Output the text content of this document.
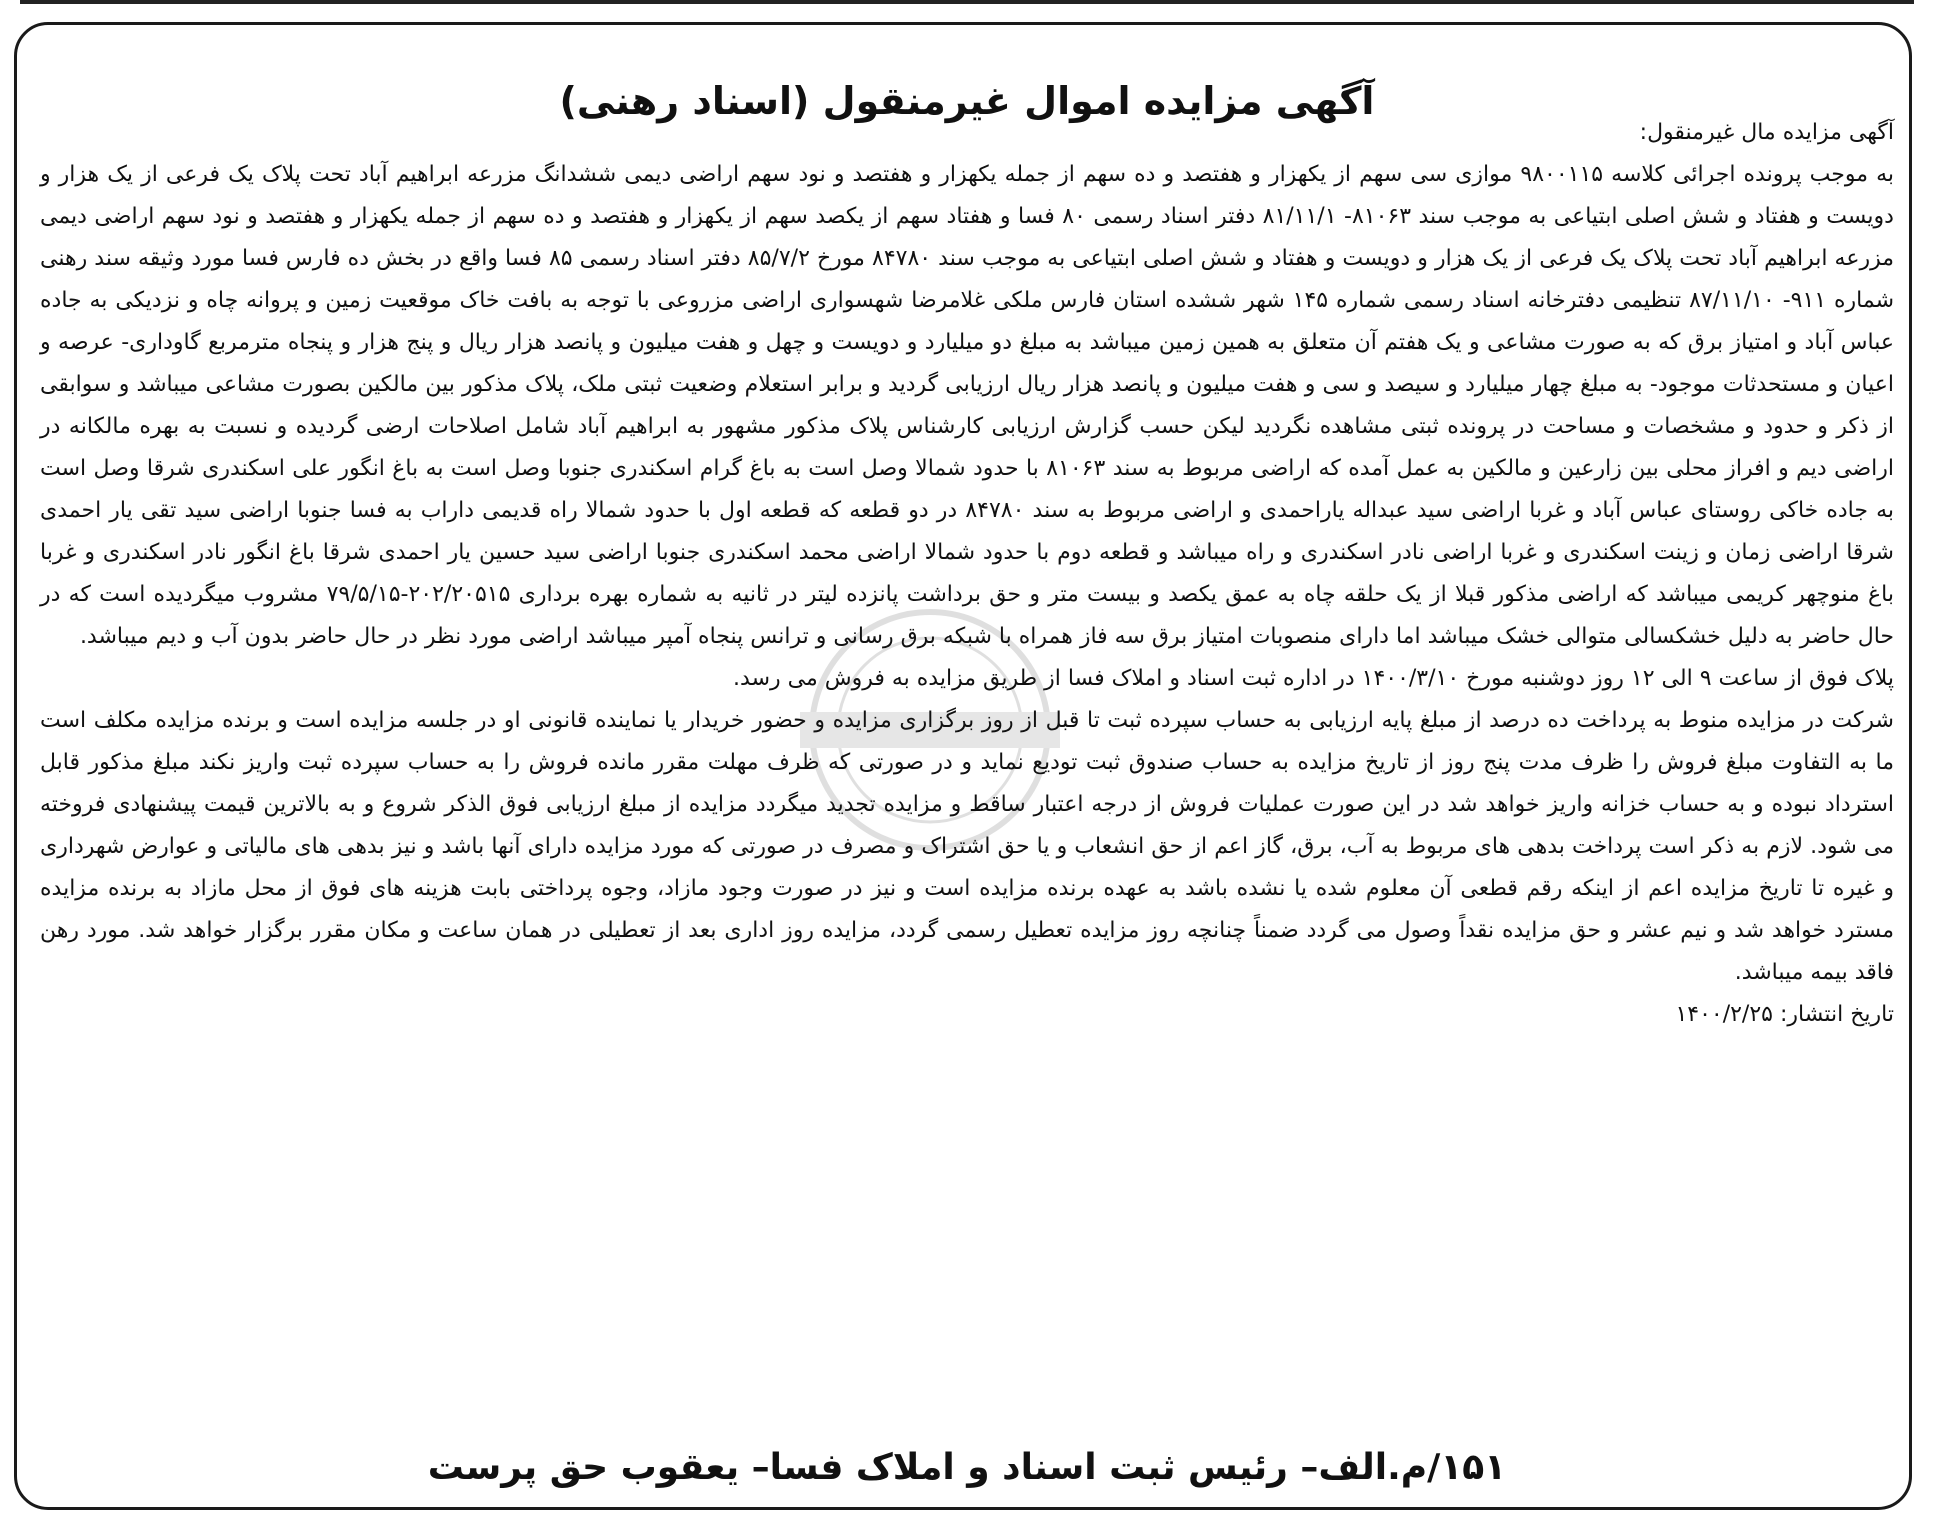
آگهی مزایده اموال غیرمنقول (اسناد رهنی)

آگهی مزایده مال غیرمنقول:

به موجب پرونده اجرائی کلاسه ۹۸۰۰۱۱۵ موازی سی سهم از یکهزار و هفتصد و ده سهم از جمله یکهزار و هفتصد و نود سهم اراضی دیمی ششدانگ مزرعه ابراهیم آباد تحت پلاک یک فرعی از یک هزار و دویست و هفتاد و شش اصلی ابتیاعی به موجب سند ۸۱۰۶۳- ۸۱/۱۱/۱ دفتر اسناد رسمی ۸۰ فسا و هفتاد سهم از یکصد سهم از یکهزار و هفتصد و ده سهم از جمله یکهزار و هفتصد و نود سهم اراضی دیمی مزرعه ابراهیم آباد تحت پلاک یک فرعی از یک هزار و دویست و هفتاد و شش اصلی ابتیاعی به موجب سند ۸۴۷۸۰ مورخ ۸۵/۷/۲ دفتر اسناد رسمی ۸۵ فسا واقع در بخش ده فارس فسا مورد وثیقه سند رهنی شماره ۹۱۱- ۸۷/۱۱/۱۰ تنظیمی دفترخانه اسناد رسمی شماره ۱۴۵ شهر ششده استان فارس ملکی غلامرضا شهسواری اراضی مزروعی با توجه به بافت خاک موقعیت زمین و پروانه چاه و نزدیکی به جاده عباس آباد و امتیاز برق که به صورت مشاعی و یک هفتم آن متعلق به همین زمین میباشد به مبلغ دو میلیارد و دویست و چهل و هفت میلیون و پانصد هزار ریال و پنج هزار و پنجاه مترمربع گاوداری- عرصه و اعیان و مستحدثات موجود- به مبلغ چهار میلیارد و سیصد و سی و هفت میلیون و پانصد هزار ریال ارزیابی گردید و برابر استعلام وضعیت ثبتی ملک، پلاک مذکور بین مالکین بصورت مشاعی میباشد و سوابقی از ذکر و حدود و مشخصات و مساحت در پرونده ثبتی مشاهده نگردید لیکن حسب گزارش ارزیابی کارشناس پلاک مذکور مشهور به ابراهیم آباد شامل اصلاحات ارضی گردیده و نسبت به بهره مالکانه در اراضی دیم و افراز محلی بین زارعین و مالکین به عمل آمده که اراضی مربوط به سند ۸۱۰۶۳ با حدود شمالا وصل است به باغ گرام اسکندری جنوبا وصل است به باغ انگور علی اسکندری شرقا وصل است به جاده خاکی روستای عباس آباد و غربا اراضی سید عبداله یاراحمدی و اراضی مربوط به سند ۸۴۷۸۰ در دو قطعه که قطعه اول با حدود شمالا راه قدیمی داراب به فسا جنوبا اراضی سید تقی یار احمدی شرقا اراضی زمان و زینت اسکندری و غربا اراضی نادر اسکندری و راه میباشد و قطعه دوم با حدود شمالا اراضی محمد اسکندری جنوبا اراضی سید حسین یار احمدی شرقا باغ انگور نادر اسکندری و غربا باغ منوچهر کریمی میباشد که اراضی مذکور قبلا از یک حلقه چاه به عمق یکصد و بیست متر و حق برداشت پانزده لیتر در ثانیه به شماره بهره برداری ۲۰۲/۲۰۵۱۵-۷۹/۵/۱۵ مشروب میگردیده است که در حال حاضر به دلیل خشکسالی متوالی خشک میباشد اما دارای منصوبات امتیاز برق سه فاز همراه با شبکه برق رسانی و ترانس پنجاه آمپر میباشد اراضی مورد نظر در حال حاضر بدون آب و دیم میباشد.

پلاک فوق از ساعت ۹ الی ۱۲ روز دوشنبه مورخ ۱۴۰۰/۳/۱۰ در اداره ثبت اسناد و املاک فسا از طریق مزایده به فروش می رسد.

شرکت در مزایده منوط به پرداخت ده درصد از مبلغ پایه ارزیابی به حساب سپرده ثبت تا قبل از روز برگزاری مزایده و حضور خریدار یا نماینده قانونی او در جلسه مزایده است و برنده مزایده مکلف است ما به التفاوت مبلغ فروش را ظرف مدت پنج روز از تاریخ مزایده به حساب صندوق ثبت تودیع نماید و در صورتی که ظرف مهلت مقرر مانده فروش را به حساب سپرده ثبت واریز نکند مبلغ مذکور قابل استرداد نبوده و به حساب خزانه واریز خواهد شد در این صورت عملیات فروش از درجه اعتبار ساقط و مزایده تجدید میگردد مزایده از مبلغ ارزیابی فوق الذکر شروع و به بالاترین قیمت پیشنهادی فروخته می شود. لازم به ذکر است پرداخت بدهی های مربوط به آب، برق، گاز اعم از حق انشعاب و یا حق اشتراک و مصرف در صورتی که مورد مزایده دارای آنها باشد و نیز بدهی های مالیاتی و عوارض شهرداری و غیره تا تاریخ مزایده اعم از اینکه رقم قطعی آن معلوم شده یا نشده باشد به عهده برنده مزایده است و نیز در صورت وجود مازاد، وجوه پرداختی بابت هزینه های فوق از محل مازاد به برنده مزایده مسترد خواهد شد و نیم عشر و حق مزایده نقداً وصول می گردد ضمناً چنانچه روز مزایده تعطیل رسمی گردد، مزایده روز اداری بعد از تعطیلی در همان ساعت و مکان مقرر برگزار خواهد شد. مورد رهن فاقد بیمه میباشد.

تاریخ انتشار: ۱۴۰۰/۲/۲۵

۱۵۱/م.الف– رئیس ثبت اسناد و املاک فسا– یعقوب حق پرست
